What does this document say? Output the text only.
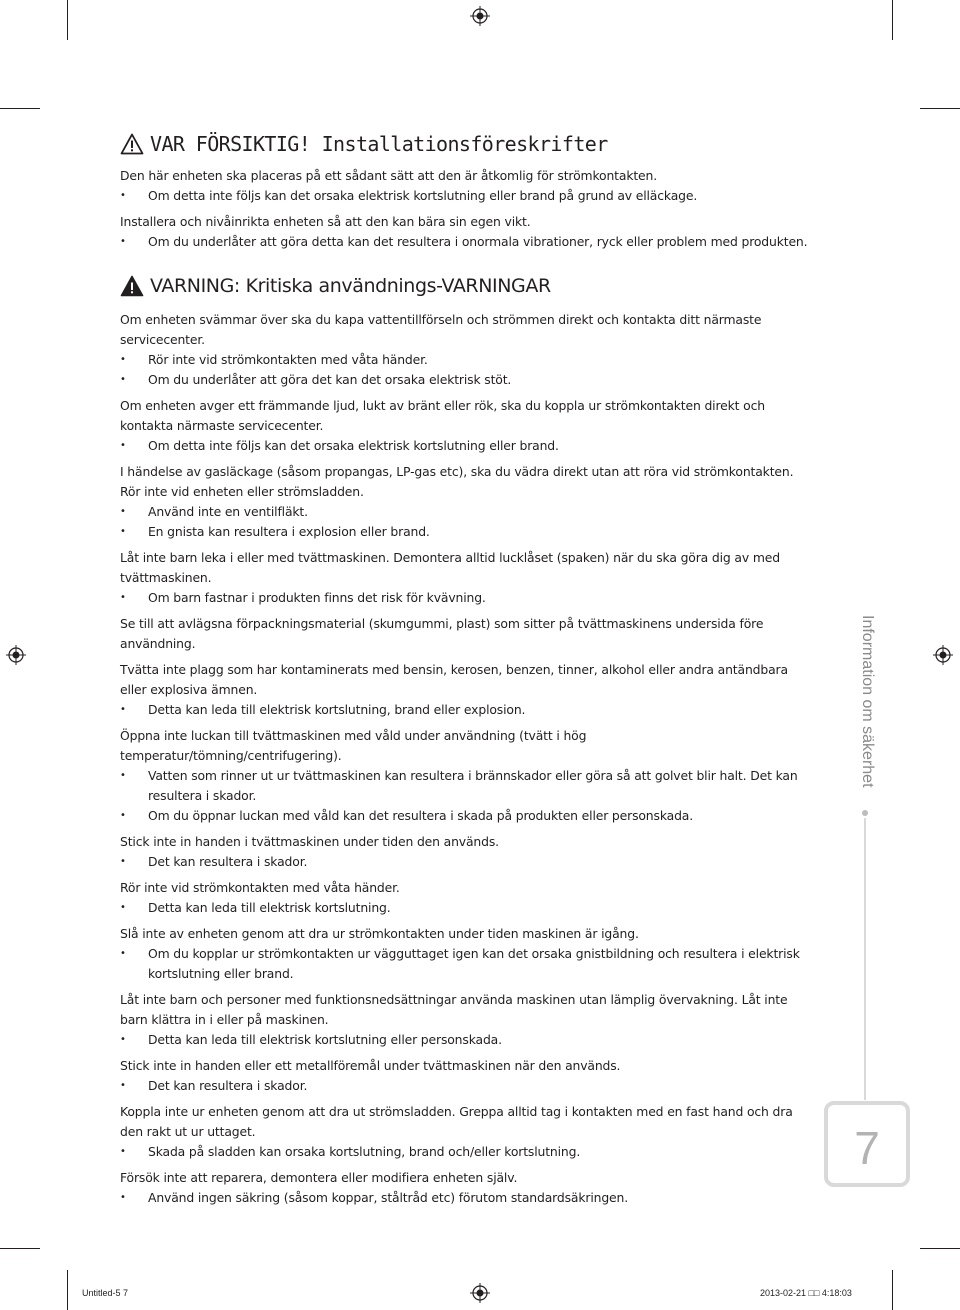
VAR FÖRSIKTIG! Installationsföreskrifter

Den här enheten ska placeras på ett sådant sätt att den är åtkomlig för strömkontakten.

• Om detta inte följs kan det orsaka elektrisk kortslutning eller brand på grund av elläckage.

Installera och nivåinrikta enheten så att den kan bära sin egen vikt.

• Om du underlåter att göra detta kan det resultera i onormala vibrationer, ryck eller problem med produkten.

VARNING: Kritiska användnings-VARNINGAR

Om enheten svämmar över ska du kapa vattentillförseln och strömmen direkt och kontakta ditt närmaste servicecenter.

• Rör inte vid strömkontakten med våta händer.

• Om du underlåter att göra det kan det orsaka elektrisk stöt.

Om enheten avger ett främmande ljud, lukt av bränt eller rök, ska du koppla ur strömkontakten direkt och kontakta närmaste servicecenter.

• Om detta inte följs kan det orsaka elektrisk kortslutning eller brand.

I händelse av gasläckage (såsom propangas, LP-gas etc), ska du vädra direkt utan att röra vid strömkontakten. Rör inte vid enheten eller strömsladden.

• Använd inte en ventilfläkt.

• En gnista kan resultera i explosion eller brand.

Låt inte barn leka i eller med tvättmaskinen. Demontera alltid lucklåset (spaken) när du ska göra dig av med tvättmaskinen.

• Om barn fastnar i produkten finns det risk för kvävning.

Se till att avlägsna förpackningsmaterial (skumgummi, plast) som sitter på tvättmaskinens undersida före användning.

Tvätta inte plagg som har kontaminerats med bensin, kerosen, benzen, tinner, alkohol eller andra antändbara eller explosiva ämnen.

• Detta kan leda till elektrisk kortslutning, brand eller explosion.

Öppna inte luckan till tvättmaskinen med våld under användning (tvätt i hög temperatur/tömning/centrifugering).

• Vatten som rinner ut ur tvättmaskinen kan resultera i brännskador eller göra så att golvet blir halt. Det kan resultera i skador.

• Om du öppnar luckan med våld kan det resultera i skada på produkten eller personskada.

Stick inte in handen i tvättmaskinen under tiden den används.

• Det kan resultera i skador.

Rör inte vid strömkontakten med våta händer.

• Detta kan leda till elektrisk kortslutning.

Slå inte av enheten genom att dra ur strömkontakten under tiden maskinen är igång.

• Om du kopplar ur strömkontakten ur vägguttaget igen kan det orsaka gnistbildning och resultera i elektrisk kortslutning eller brand.

Låt inte barn och personer med funktionsnedsättningar använda maskinen utan lämplig övervakning. Låt inte barn klättra in i eller på maskinen.

• Detta kan leda till elektrisk kortslutning eller personskada.

Stick inte in handen eller ett metallföremål under tvättmaskinen när den används.

• Det kan resultera i skador.

Koppla inte ur enheten genom att dra ut strömsladden. Greppa alltid tag i kontakten med en fast hand och dra den rakt ut ur uttaget.

• Skada på sladden kan orsaka kortslutning, brand och/eller kortslutning.

Försök inte att reparera, demontera eller modifiera enheten själv.

• Använd ingen säkring (såsom koppar, ståltråd etc) förutom standardsäkringen.

Information om säkerhet
7
Untitled-5 7	2013-02-21 □□ 4:18:03
